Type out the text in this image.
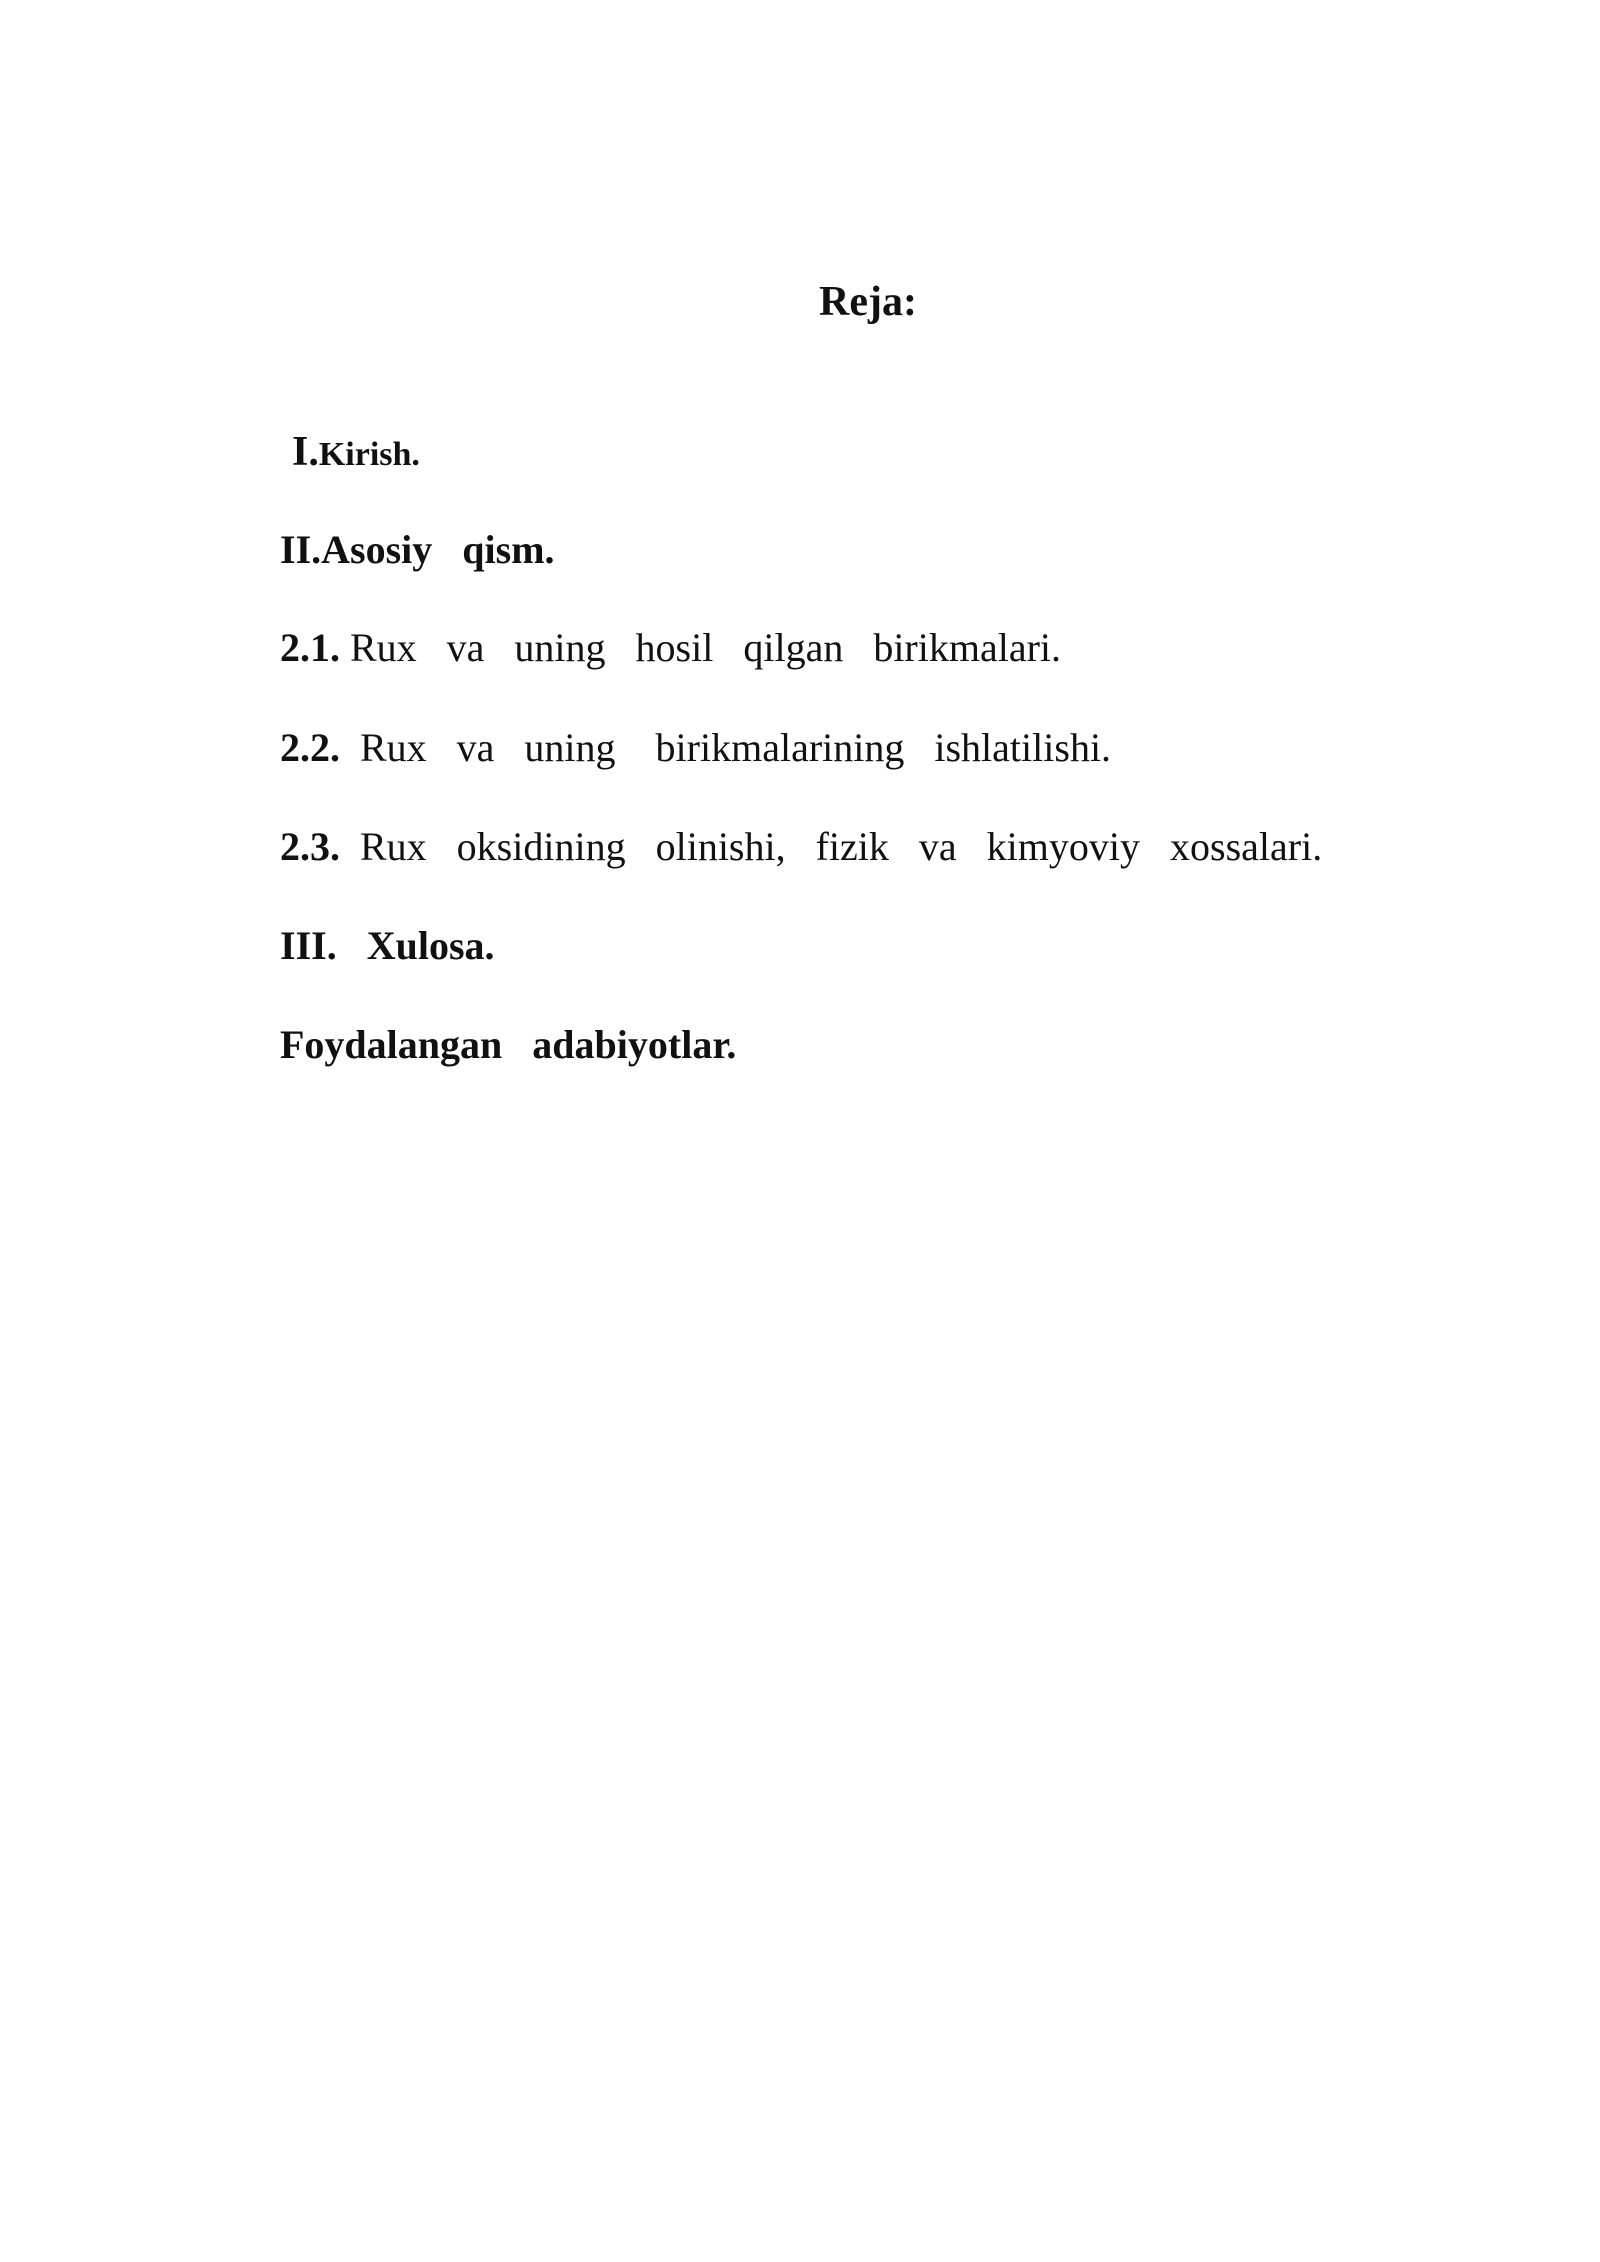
Reja:

I.Kirish.

II.Asosiy   qism.

2.1. Rux   va   uning   hosil   qilgan   birikmalari.

2.2. Rux   va   uning    birikmalarining   ishlatilishi.

2.3. Rux   oksidining   olinishi,   fizik   va   kimyoviy   xossalari.

III. Xulosa.

Foydalangan   adabiyotlar.
